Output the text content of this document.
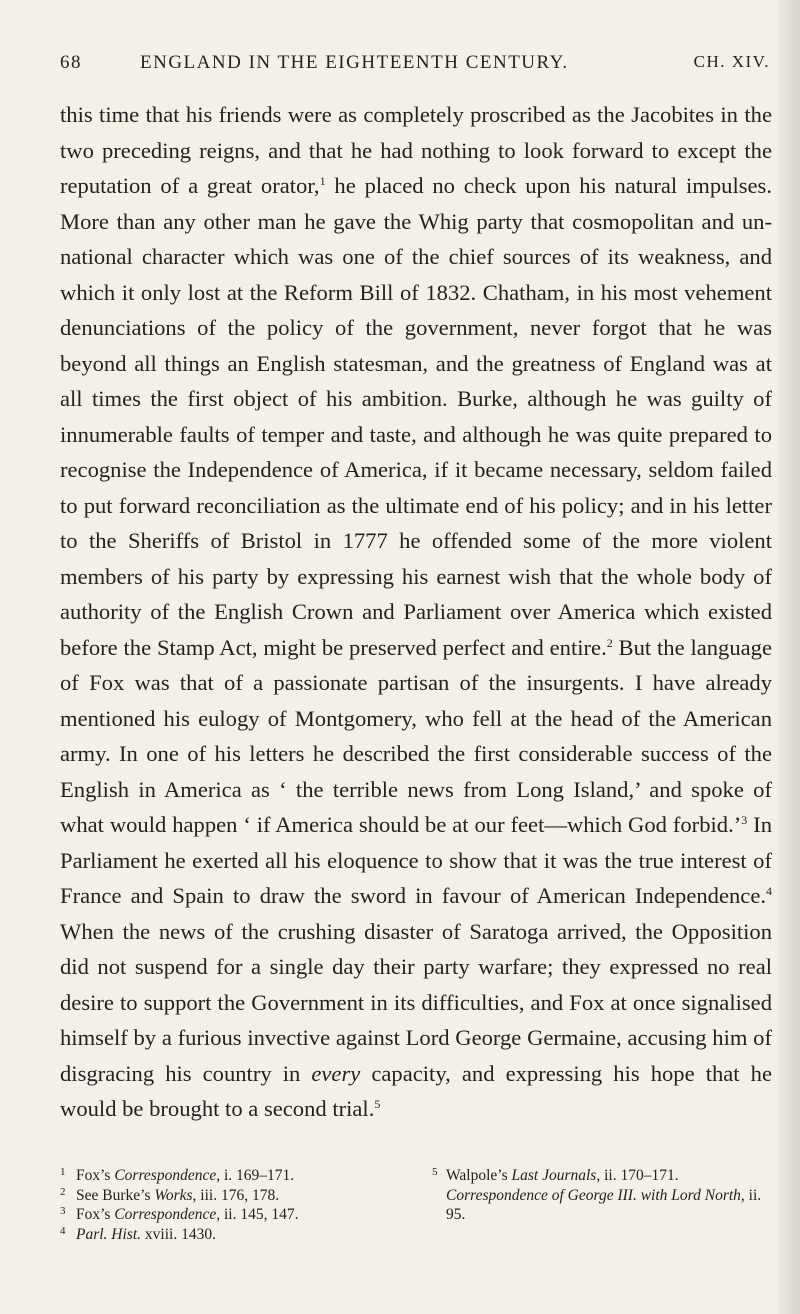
68	ENGLAND IN THE EIGHTEENTH CENTURY.	CH. XIV.

this time that his friends were as completely proscribed as the Jacobites in the two preceding reigns, and that he had nothing to look forward to except the reputation of a great orator,$^1$ he placed no check upon his natural impulses. More than any other man he gave the Whig party that cosmopolitan and un-national character which was one of the chief sources of its weakness, and which it only lost at the Reform Bill of 1832. Chatham, in his most vehement denunciations of the policy of the government, never forgot that he was beyond all things an English statesman, and the greatness of England was at all times the first object of his ambition. Burke, although he was guilty of innumerable faults of temper and taste, and although he was quite prepared to recognise the Independence of America, if it became necessary, seldom failed to put forward reconciliation as the ultimate end of his policy; and in his letter to the Sheriffs of Bristol in 1777 he offended some of the more violent members of his party by expressing his earnest wish that the whole body of authority of the English Crown and Parliament over America which existed before the Stamp Act, might be preserved perfect and entire.$^2$ But the language of Fox was that of a passionate partisan of the insurgents. I have already mentioned his eulogy of Montgomery, who fell at the head of the American army. In one of his letters he described the first considerable success of the English in America as ‘ the terrible news from Long Island,’ and spoke of what would happen ‘ if America should be at our feet—which God forbid.’$^3$ In Parliament he exerted all his eloquence to show that it was the true interest of France and Spain to draw the sword in favour of American Independence.$^4$ When the news of the crushing disaster of Saratoga arrived, the Opposition did not suspend for a single day their party warfare; they expressed no real desire to support the Government in its difficulties, and Fox at once signalised himself by a furious invective against Lord George Germaine, accusing him of disgracing his country in every capacity, and expressing his hope that he would be brought to a second trial.$^5$

1 Fox’s Correspondence, i. 169–171.
2 See Burke’s Works, iii. 176, 178.
3 Fox’s Correspondence, ii. 145, 147.
4 Parl. Hist. xviii. 1430.
5 Walpole’s Last Journals, ii. 170–171. Correspondence of George III. with Lord North, ii. 95.
